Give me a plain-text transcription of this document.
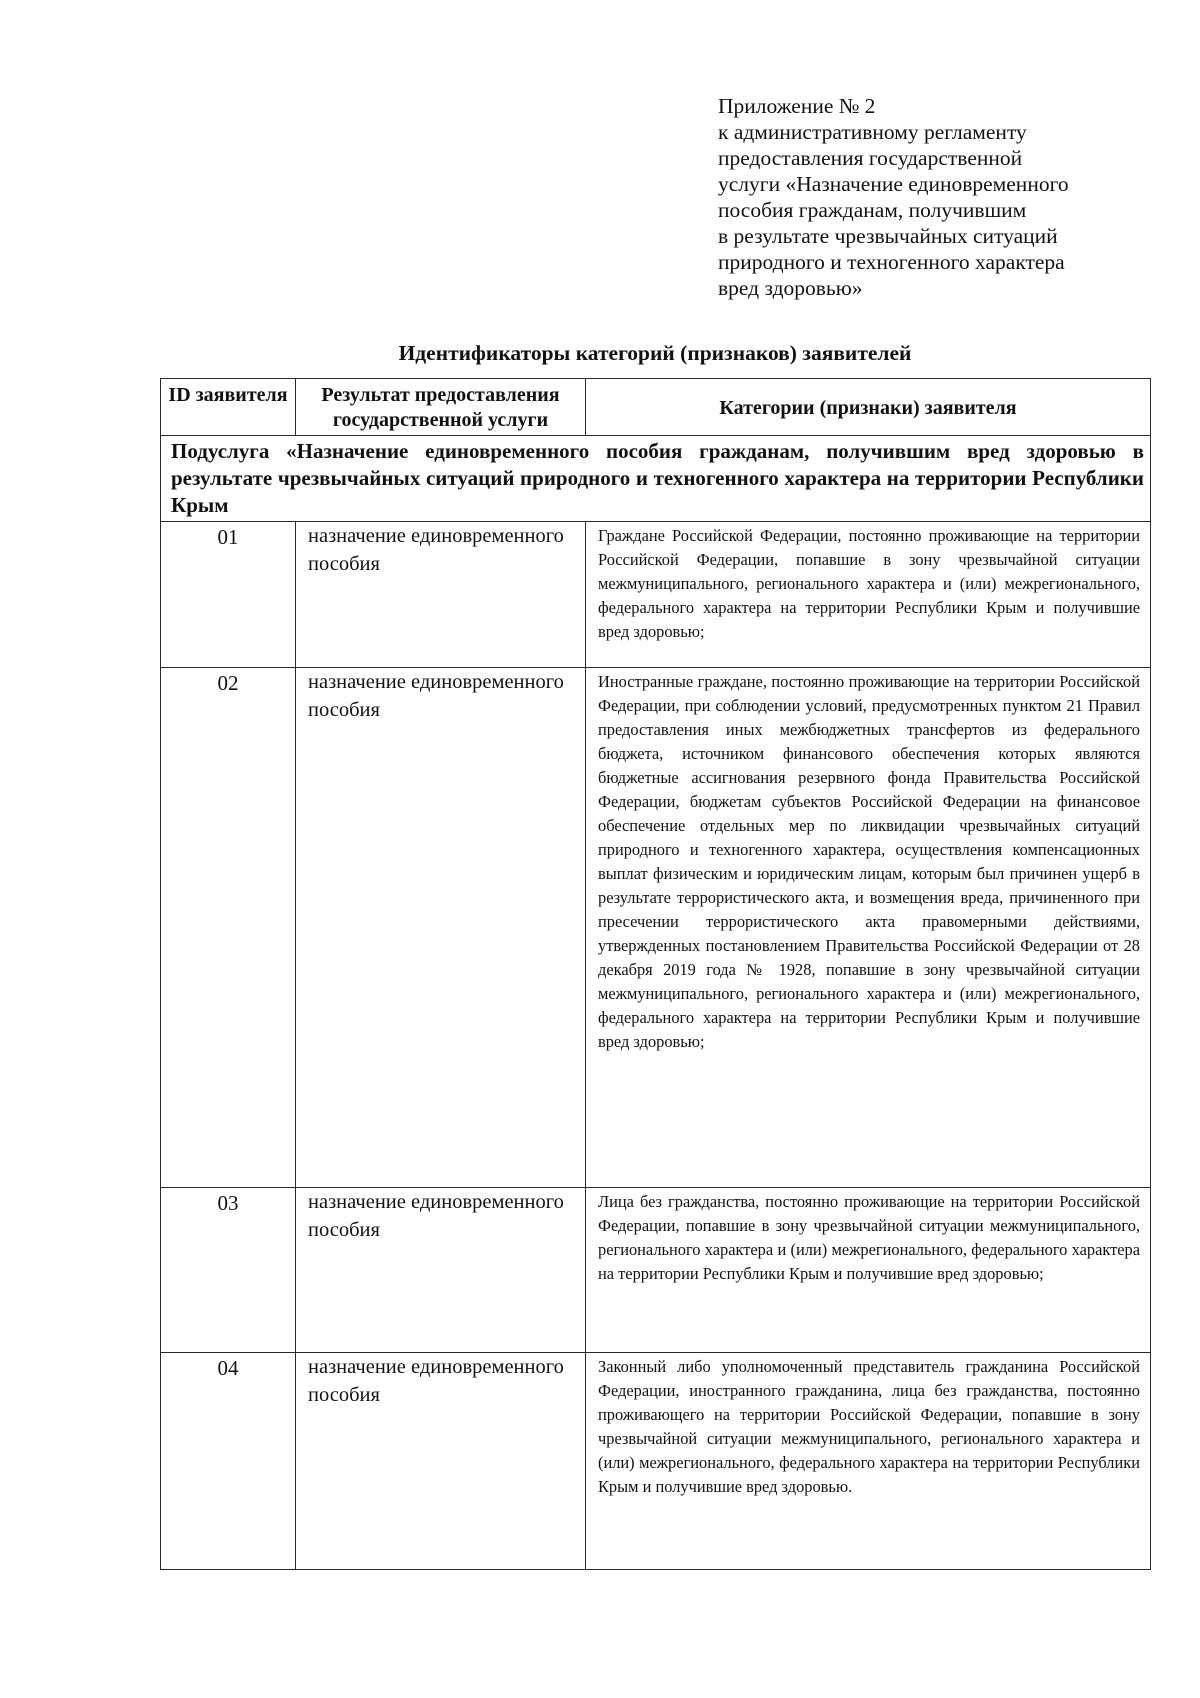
Приложение № 2
к административному регламенту
предоставления государственной
услуги «Назначение единовременного
пособия гражданам, получившим
в результате чрезвычайных ситуаций
природного и техногенного характера
вред здоровью»
Идентификаторы категорий (признаков) заявителей
ID заявителя	Результат предоставления государственной услуги	Категории (признаки) заявителя
Подуслуга «Назначение единовременного пособия гражданам, получившим вред здоровью в результате чрезвычайных ситуаций природного и техногенного характера на территории Республики Крым		
01	назначение единовременного пособия	Граждане Российской Федерации, постоянно проживающие на территории Российской Федерации, попавшие в зону чрезвычайной ситуации межмуниципального, регионального характера и (или) межрегионального, федерального характера на территории Республики Крым и получившие вред здоровью;
02	назначение единовременного пособия	Иностранные граждане, постоянно проживающие на территории Российской Федерации, при соблюдении условий, предусмотренных пунктом 21 Правил предоставления иных межбюджетных трансфертов из федерального бюджета, источником финансового обеспечения которых являются бюджетные ассигнования резервного фонда Правительства Российской Федерации, бюджетам субъектов Российской Федерации на финансовое обеспечение отдельных мер по ликвидации чрезвычайных ситуаций природного и техногенного характера, осуществления компенсационных выплат физическим и юридическим лицам, которым был причинен ущерб в результате террористического акта, и возмещения вреда, причиненного при пресечении террористического акта правомерными действиями, утвержденных постановлением Правительства Российской Федерации от 28 декабря 2019 года № 1928, попавшие в зону чрезвычайной ситуации межмуниципального, регионального характера и (или) межрегионального, федерального характера на территории Республики Крым и получившие вред здоровью;
03	назначение единовременного пособия	Лица без гражданства, постоянно проживающие на территории Российской Федерации, попавшие в зону чрезвычайной ситуации межмуниципального, регионального характера и (или) межрегионального, федерального характера на территории Республики Крым и получившие вред здоровью;
04	назначение единовременного пособия	Законный либо уполномоченный представитель гражданина Российской Федерации, иностранного гражданина, лица без гражданства, постоянно проживающего на территории Российской Федерации, попавшие в зону чрезвычайной ситуации межмуниципального, регионального характера и (или) межрегионального, федерального характера на территории Республики Крым и получившие вред здоровью.
